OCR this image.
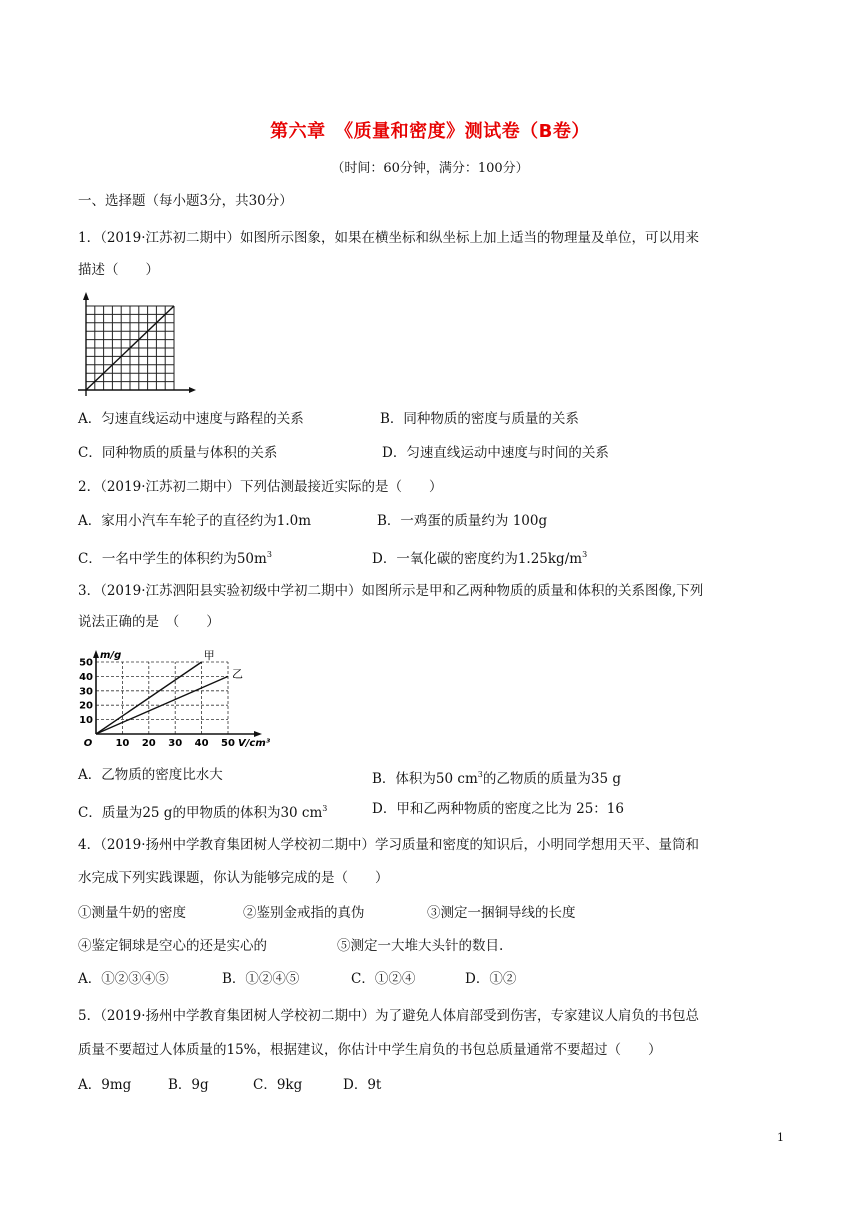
第六章　《质量和密度》测试卷（B卷）
（时间：60分钟，满分：100分）
一、选择题（每小题3分，共30分）
1．（2019·江苏初二期中）如图所示图象，如果在横坐标和纵坐标上加上适当的物理量及单位，可以用来
描述（　　）
A．匀速直线运动中速度与路程的关系	B．同种物质的密度与质量的关系
C．同种物质的质量与体积的关系	D．匀速直线运动中速度与时间的关系
2．（2019·江苏初二期中）下列估测最接近实际的是（　　）
A．家用小汽车车轮子的直径约为1.0m	B．一鸡蛋的质量约为 100g
C．一名中学生的体积约为$50m^3$	D．一氧化碳的密度约为$1.25kg/m^3$
3．（2019·江苏泗阳县实验初级中学初二期中）如图所示是甲和乙两种物质的质量和体积的关系图像,下列
说法正确的是　（　　）
10
20
30
40
50
10 20 30 40 50
O
m/g
V/cm³
甲
乙
A．乙物质的密度比水大	B．体积为50 $cm^3$的乙物质的质量为35 g
C．质量为25 g的甲物质的体积为30 $cm^3$	D．甲和乙两种物质的密度之比为 25：16
4．（2019·扬州中学教育集团树人学校初二期中）学习质量和密度的知识后，小明同学想用天平、量筒和
水完成下列实践课题，你认为能够完成的是（　　）
①测量牛奶的密度	②鉴别金戒指的真伪	③测定一捆铜导线的长度
④鉴定铜球是空心的还是实心的	⑤测定一大堆大头针的数目.
A．①②③④⑤	B．①②④⑤	C．①②④	D．①②
5．（2019·扬州中学教育集团树人学校初二期中）为了避免人体肩部受到伤害，专家建议人肩负的书包总
质量不要超过人体质量的15%，根据建议，你估计中学生肩负的书包总质量通常不要超过（　　）
A．9mg	B．9g	C．9kg	D．9t
1
